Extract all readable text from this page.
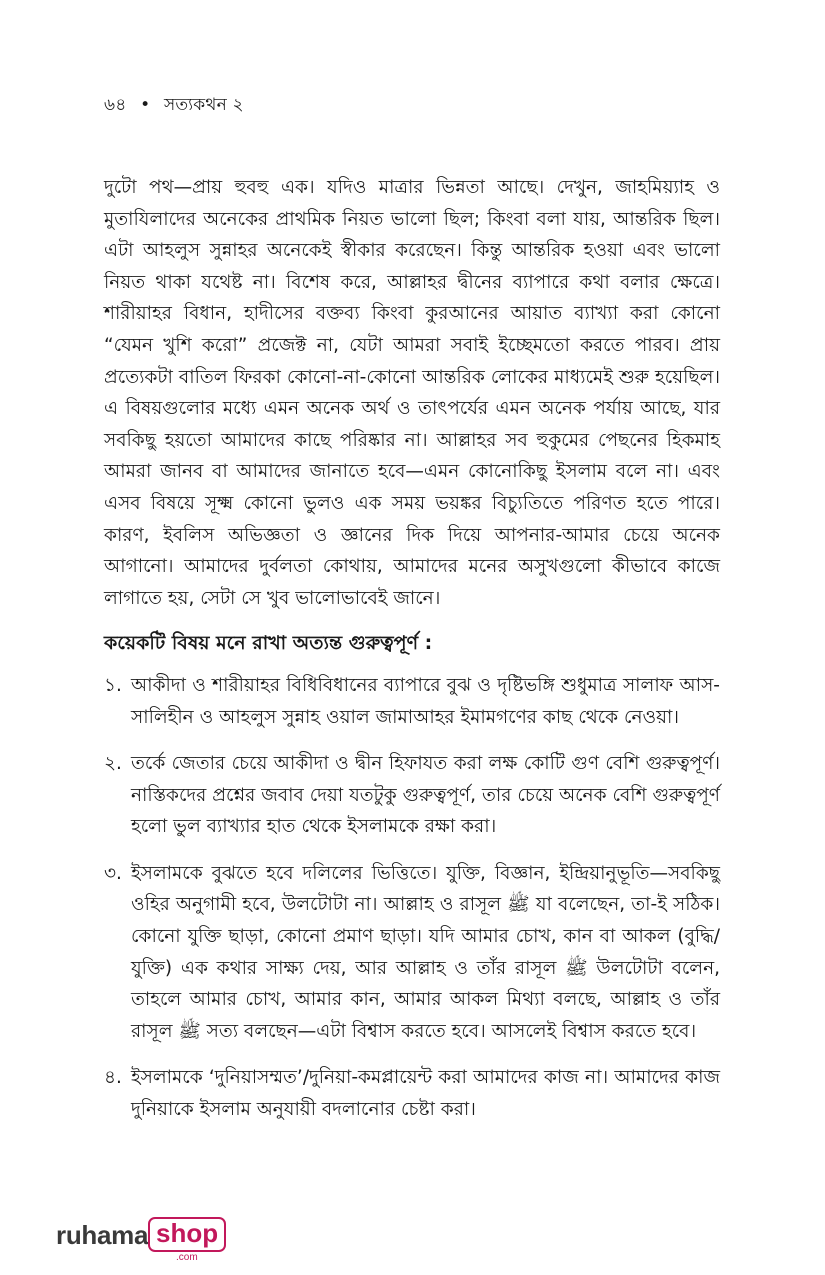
৬৪ • সত্যকথন ২

দুটো পথ—প্রায় হুবহু এক। যদিও মাত্রার ভিন্নতা আছে। দেখুন, জাহমিয়্যাহ ও মুতাযিলাদের অনেকের প্রাথমিক নিয়ত ভালো ছিল; কিংবা বলা যায়, আন্তরিক ছিল। এটা আহলুস সুন্নাহর অনেকেই স্বীকার করেছেন। কিন্তু আন্তরিক হওয়া এবং ভালো নিয়ত থাকা যথেষ্ট না। বিশেষ করে, আল্লাহর দ্বীনের ব্যাপারে কথা বলার ক্ষেত্রে। শারীয়াহর বিধান, হাদীসের বক্তব্য কিংবা কুরআনের আয়াত ব্যাখ্যা করা কোনো “যেমন খুশি করো” প্রজেক্ট না, যেটা আমরা সবাই ইচ্ছেমতো করতে পারব। প্রায় প্রত্যেকটা বাতিল ফিরকা কোনো-না-কোনো আন্তরিক লোকের মাধ্যমেই শুরু হয়েছিল। এ বিষয়গুলোর মধ্যে এমন অনেক অর্থ ও তাৎপর্যের এমন অনেক পর্যায় আছে, যার সবকিছু হয়তো আমাদের কাছে পরিষ্কার না। আল্লাহর সব হুকুমের পেছনের হিকমাহ আমরা জানব বা আমাদের জানাতে হবে—এমন কোনোকিছু ইসলাম বলে না। এবং এসব বিষয়ে সূক্ষ্ম কোনো ভুলও এক সময় ভয়ঙ্কর বিচ্যুতিতে পরিণত হতে পারে। কারণ, ইবলিস অভিজ্ঞতা ও জ্ঞানের দিক দিয়ে আপনার-আমার চেয়ে অনেক আগানো। আমাদের দুর্বলতা কোথায়, আমাদের মনের অসুখগুলো কীভাবে কাজে লাগাতে হয়, সেটা সে খুব ভালোভাবেই জানে।

কয়েকটি বিষয় মনে রাখা অত্যন্ত গুরুত্বপূর্ণ :

১. আকীদা ও শারীয়াহর বিধিবিধানের ব্যাপারে বুঝ ও দৃষ্টিভঙ্গি শুধুমাত্র সালাফ আস-সালিহীন ও আহলুস সুন্নাহ ওয়াল জামাআহর ইমামগণের কাছ থেকে নেওয়া।
২. তর্কে জেতার চেয়ে আকীদা ও দ্বীন হিফাযত করা লক্ষ কোটি গুণ বেশি গুরুত্বপূর্ণ। নাস্তিকদের প্রশ্নের জবাব দেয়া যতটুকু গুরুত্বপূর্ণ, তার চেয়ে অনেক বেশি গুরুত্বপূর্ণ হলো ভুল ব্যাখ্যার হাত থেকে ইসলামকে রক্ষা করা।
৩. ইসলামকে বুঝতে হবে দলিলের ভিত্তিতে। যুক্তি, বিজ্ঞান, ইন্দ্রিয়ানুভূতি—সবকিছু ওহির অনুগামী হবে, উলটোটা না। আল্লাহ ও রাসূল ﷺ যা বলেছেন, তা-ই সঠিক। কোনো যুক্তি ছাড়া, কোনো প্রমাণ ছাড়া। যদি আমার চোখ, কান বা আকল (বুদ্ধি/যুক্তি) এক কথার সাক্ষ্য দেয়, আর আল্লাহ ও তাঁর রাসূল ﷺ উলটোটা বলেন, তাহলে আমার চোখ, আমার কান, আমার আকল মিথ্যা বলছে, আল্লাহ ও তাঁর রাসূল ﷺ সত্য বলছেন—এটা বিশ্বাস করতে হবে। আসলেই বিশ্বাস করতে হবে।
৪. ইসলামকে ‘দুনিয়াসম্মত’/দুনিয়া-কমপ্লায়েন্ট করা আমাদের কাজ না। আমাদের কাজ দুনিয়াকে ইসলাম অনুযায়ী বদলানোর চেষ্টা করা।
ruhama shop
.com
